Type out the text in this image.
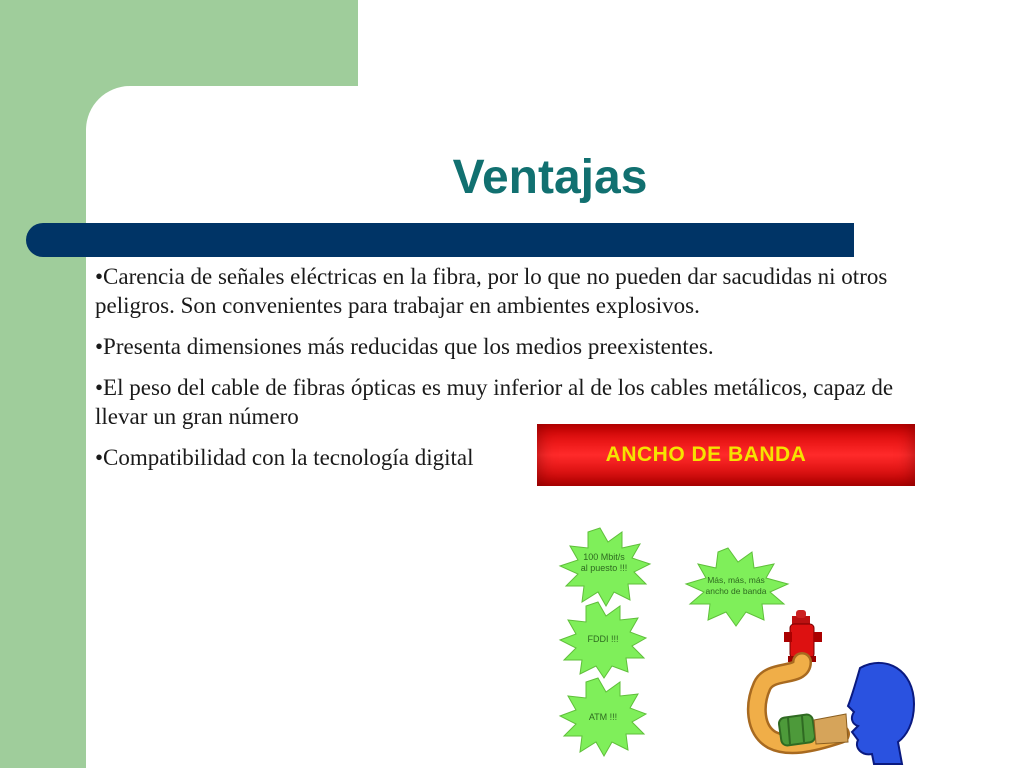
Ventajas
•Carencia de señales eléctricas en la fibra, por lo que no pueden dar sacudidas ni otros peligros. Son convenientes para trabajar en ambientes explosivos.
•Presenta dimensiones más reducidas que los medios preexistentes.
•El peso del cable de fibras ópticas es muy inferior al de los cables metálicos, capaz de llevar un gran número
•Compatibilidad con la tecnología digital	ANCHO DE BANDA
100 Mbit/s al puesto !!!
FDDI !!!
ATM !!!
Más, más, más ancho de banda
